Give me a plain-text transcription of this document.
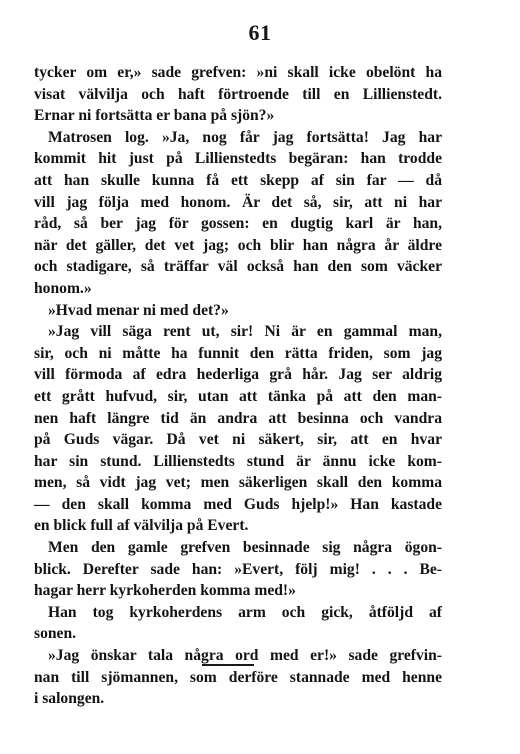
61

tycker om er,» sade grefven: »ni skall icke obelönt ha
visat välvilja och haft förtroende till en Lillienstedt.
Ernar ni fortsätta er bana på sjön?»

Matrosen log. »Ja, nog får jag fortsätta! Jag har
kommit hit just på Lillienstedts begäran: han trodde
att han skulle kunna få ett skepp af sin far — då
vill jag följa med honom. Är det så, sir, att ni har
råd, så ber jag för gossen: en dugtig karl är han,
när det gäller, det vet jag; och blir han några år äldre
och stadigare, så träffar väl också han den som väcker
honom.»

»Hvad menar ni med det?»

»Jag vill säga rent ut, sir! Ni är en gammal man,
sir, och ni måtte ha funnit den rätta friden, som jag
vill förmoda af edra hederliga grå hår. Jag ser aldrig
ett grått hufvud, sir, utan att tänka på att den man-
nen haft längre tid än andra att besinna och vandra
på Guds vägar. Då vet ni säkert, sir, att en hvar
har sin stund. Lillienstedts stund är ännu icke kom-
men, så vidt jag vet; men säkerligen skall den komma
— den skall komma med Guds hjelp!» Han kastade
en blick full af välvilja på Evert.

Men den gamle grefven besinnade sig några ögon-
blick. Derefter sade han: »Evert, följ mig! . . . Be-
hagar herr kyrkoherden komma med!»

Han tog kyrkoherdens arm och gick, åtföljd af
sonen.

»Jag önskar tala några ord med er!» sade grefvin-
nan till sjömannen, som derföre stannade med henne
i salongen.
